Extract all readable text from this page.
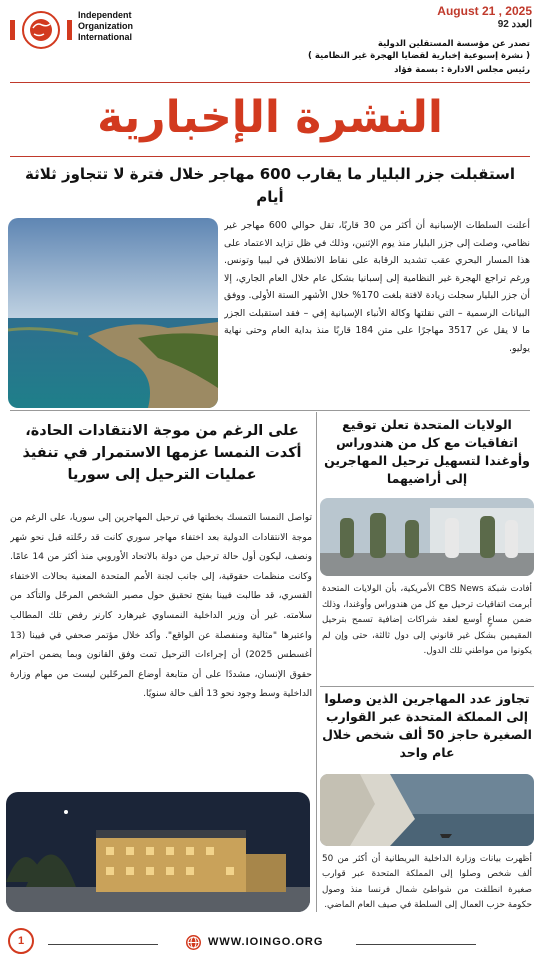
Independent
Organization
International
August 21 , 2025
العدد 92
تصدر عن مؤسسة المستقلين الدولية
( نشرة إسبوعية إخبارية لقضايا الهجرة غير النظامية )
رئيس مجلس الادارة : بسمة فؤاد
النشرة الإخبارية
استقبلت جزر البليار ما يقارب 600 مهاجر خلال فترة لا تتجاوز ثلاثة أيام
أعلنت السلطات الإسبانية أن أكثر من 30 قاربًا، تقل حوالي 600 مهاجر غير نظامي، وصلت إلى جزر البليار منذ يوم الإثنين، وذلك في ظل تزايد الاعتماد على هذا المسار البحري عقب تشديد الرقابة على نقاط الانطلاق في ليبيا وتونس. ورغم تراجع الهجرة غير النظامية إلى إسبانيا بشكل عام خلال العام الجاري، إلا أن جزر البليار سجلت زيادة لافتة بلغت 170% خلال الأشهر الستة الأولى. ووفق البيانات الرسمية – التي نقلتها وكالة الأنباء الإسبانية إفي – فقد استقبلت الجزر ما لا يقل عن 3517 مهاجرًا على متن 184 قاربًا منذ بداية العام وحتى نهاية يوليو.
على الرغم من موجة الانتقادات الحادة، أكدت النمسا عزمها الاستمرار في تنفيذ عمليات الترحيل إلى سوريا
تواصل النمسا التمسك بخطتها في ترحيل المهاجرين إلى سوريا، على الرغم من موجة الانتقادات الدولية بعد اختفاء مهاجر سوري كانت قد رحّلته قبل نحو شهر ونصف، ليكون أول حالة ترحيل من دولة بالاتحاد الأوروبي منذ أكثر من 14 عامًا. وكانت منظمات حقوقية، إلى جانب لجنة الأمم المتحدة المعنية بحالات الاختفاء القسري، قد طالبت فيينا بفتح تحقيق حول مصير الشخص المرحّل والتأكد من سلامته. غير أن وزير الداخلية النمساوي غيرهارد كارنر رفض تلك المطالب واعتبرها "مثالية ومنفصلة عن الواقع". وأكد خلال مؤتمر صحفي في فيينا (13 أغسطس 2025) أن إجراءات الترحيل تمت وفق القانون وبما يضمن احترام حقوق الإنسان، مشددًا على أن متابعة أوضاع المرحّلين ليست من مهام وزارة الداخلية وسط وجود نحو 13 ألف حالة سنويًا.
الولايات المتحدة تعلن توقيع اتفاقيات مع كل من هندوراس وأوغندا لتسهيل ترحيل المهاجرين إلى أراضيهما
أفادت شبكة CBS News الأمريكية، بأن الولايات المتحدة أبرمت اتفاقيات ترحيل مع كل من هندوراس وأوغندا، وذلك ضمن مساعٍ أوسع لعقد شراكات إضافية تسمح بترحيل المقيمين بشكل غير قانوني إلى دول ثالثة، حتى وإن لم يكونوا من مواطني تلك الدول.
تجاوز عدد المهاجرين الذين وصلوا إلى المملكة المتحدة عبر القوارب الصغيرة حاجز 50 ألف شخص خلال عام واحد
أظهرت بيانات وزارة الداخلية البريطانية أن أكثر من 50 ألف شخص وصلوا إلى المملكة المتحدة عبر قوارب صغيرة انطلقت من شواطئ شمال فرنسا منذ وصول حكومة حزب العمال إلى السلطة في صيف العام الماضي.
1	WWW.IOINGO.ORG
